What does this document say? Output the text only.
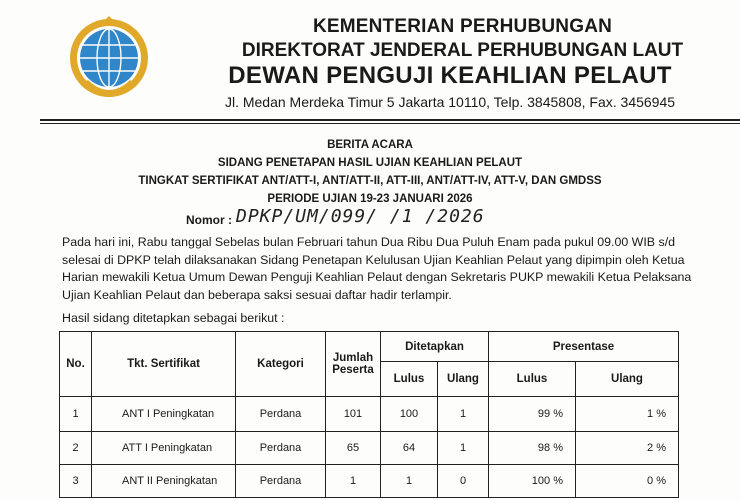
KEMENTERIAN PERHUBUNGAN
DIREKTORAT JENDERAL PERHUBUNGAN LAUT
DEWAN PENGUJI KEAHLIAN PELAUT
Jl. Medan Merdeka Timur 5 Jakarta 10110, Telp. 3845808, Fax. 3456945
BERITA ACARA
SIDANG PENETAPAN HASIL UJIAN KEAHLIAN PELAUT
TINGKAT SERTIFIKAT ANT/ATT-I, ANT/ATT-II, ATT-III, ANT/ATT-IV, ATT-V, DAN GMDSS
PERIODE UJIAN 19-23 JANUARI 2026
Nomor : DPKP/UM/099/ /1 /2026
Pada hari ini, Rabu tanggal Sebelas bulan Februari tahun Dua Ribu Dua Puluh Enam pada pukul 09.00 WIB s/d selesai di DPKP telah dilaksanakan Sidang Penetapan Kelulusan Ujian Keahlian Pelaut yang dipimpin oleh Ketua Harian mewakili Ketua Umum Dewan Penguji Keahlian Pelaut dengan Sekretaris PUKP mewakili Ketua Pelaksana Ujian Keahlian Pelaut dan beberapa saksi sesuai daftar hadir terlampir.
Hasil sidang ditetapkan sebagai berikut :
No.	Tkt. Sertifikat	Kategori	Jumlah Peserta	Ditetapkan		Presentase	
				Lulus	Ulang	Lulus	Ulang
1	ANT I Peningkatan	Perdana	101	100	1	99 %	1 %
2	ATT I Peningkatan	Perdana	65	64	1	98 %	2 %
3	ANT II Peningkatan	Perdana	1	1	0	100 %	0 %
